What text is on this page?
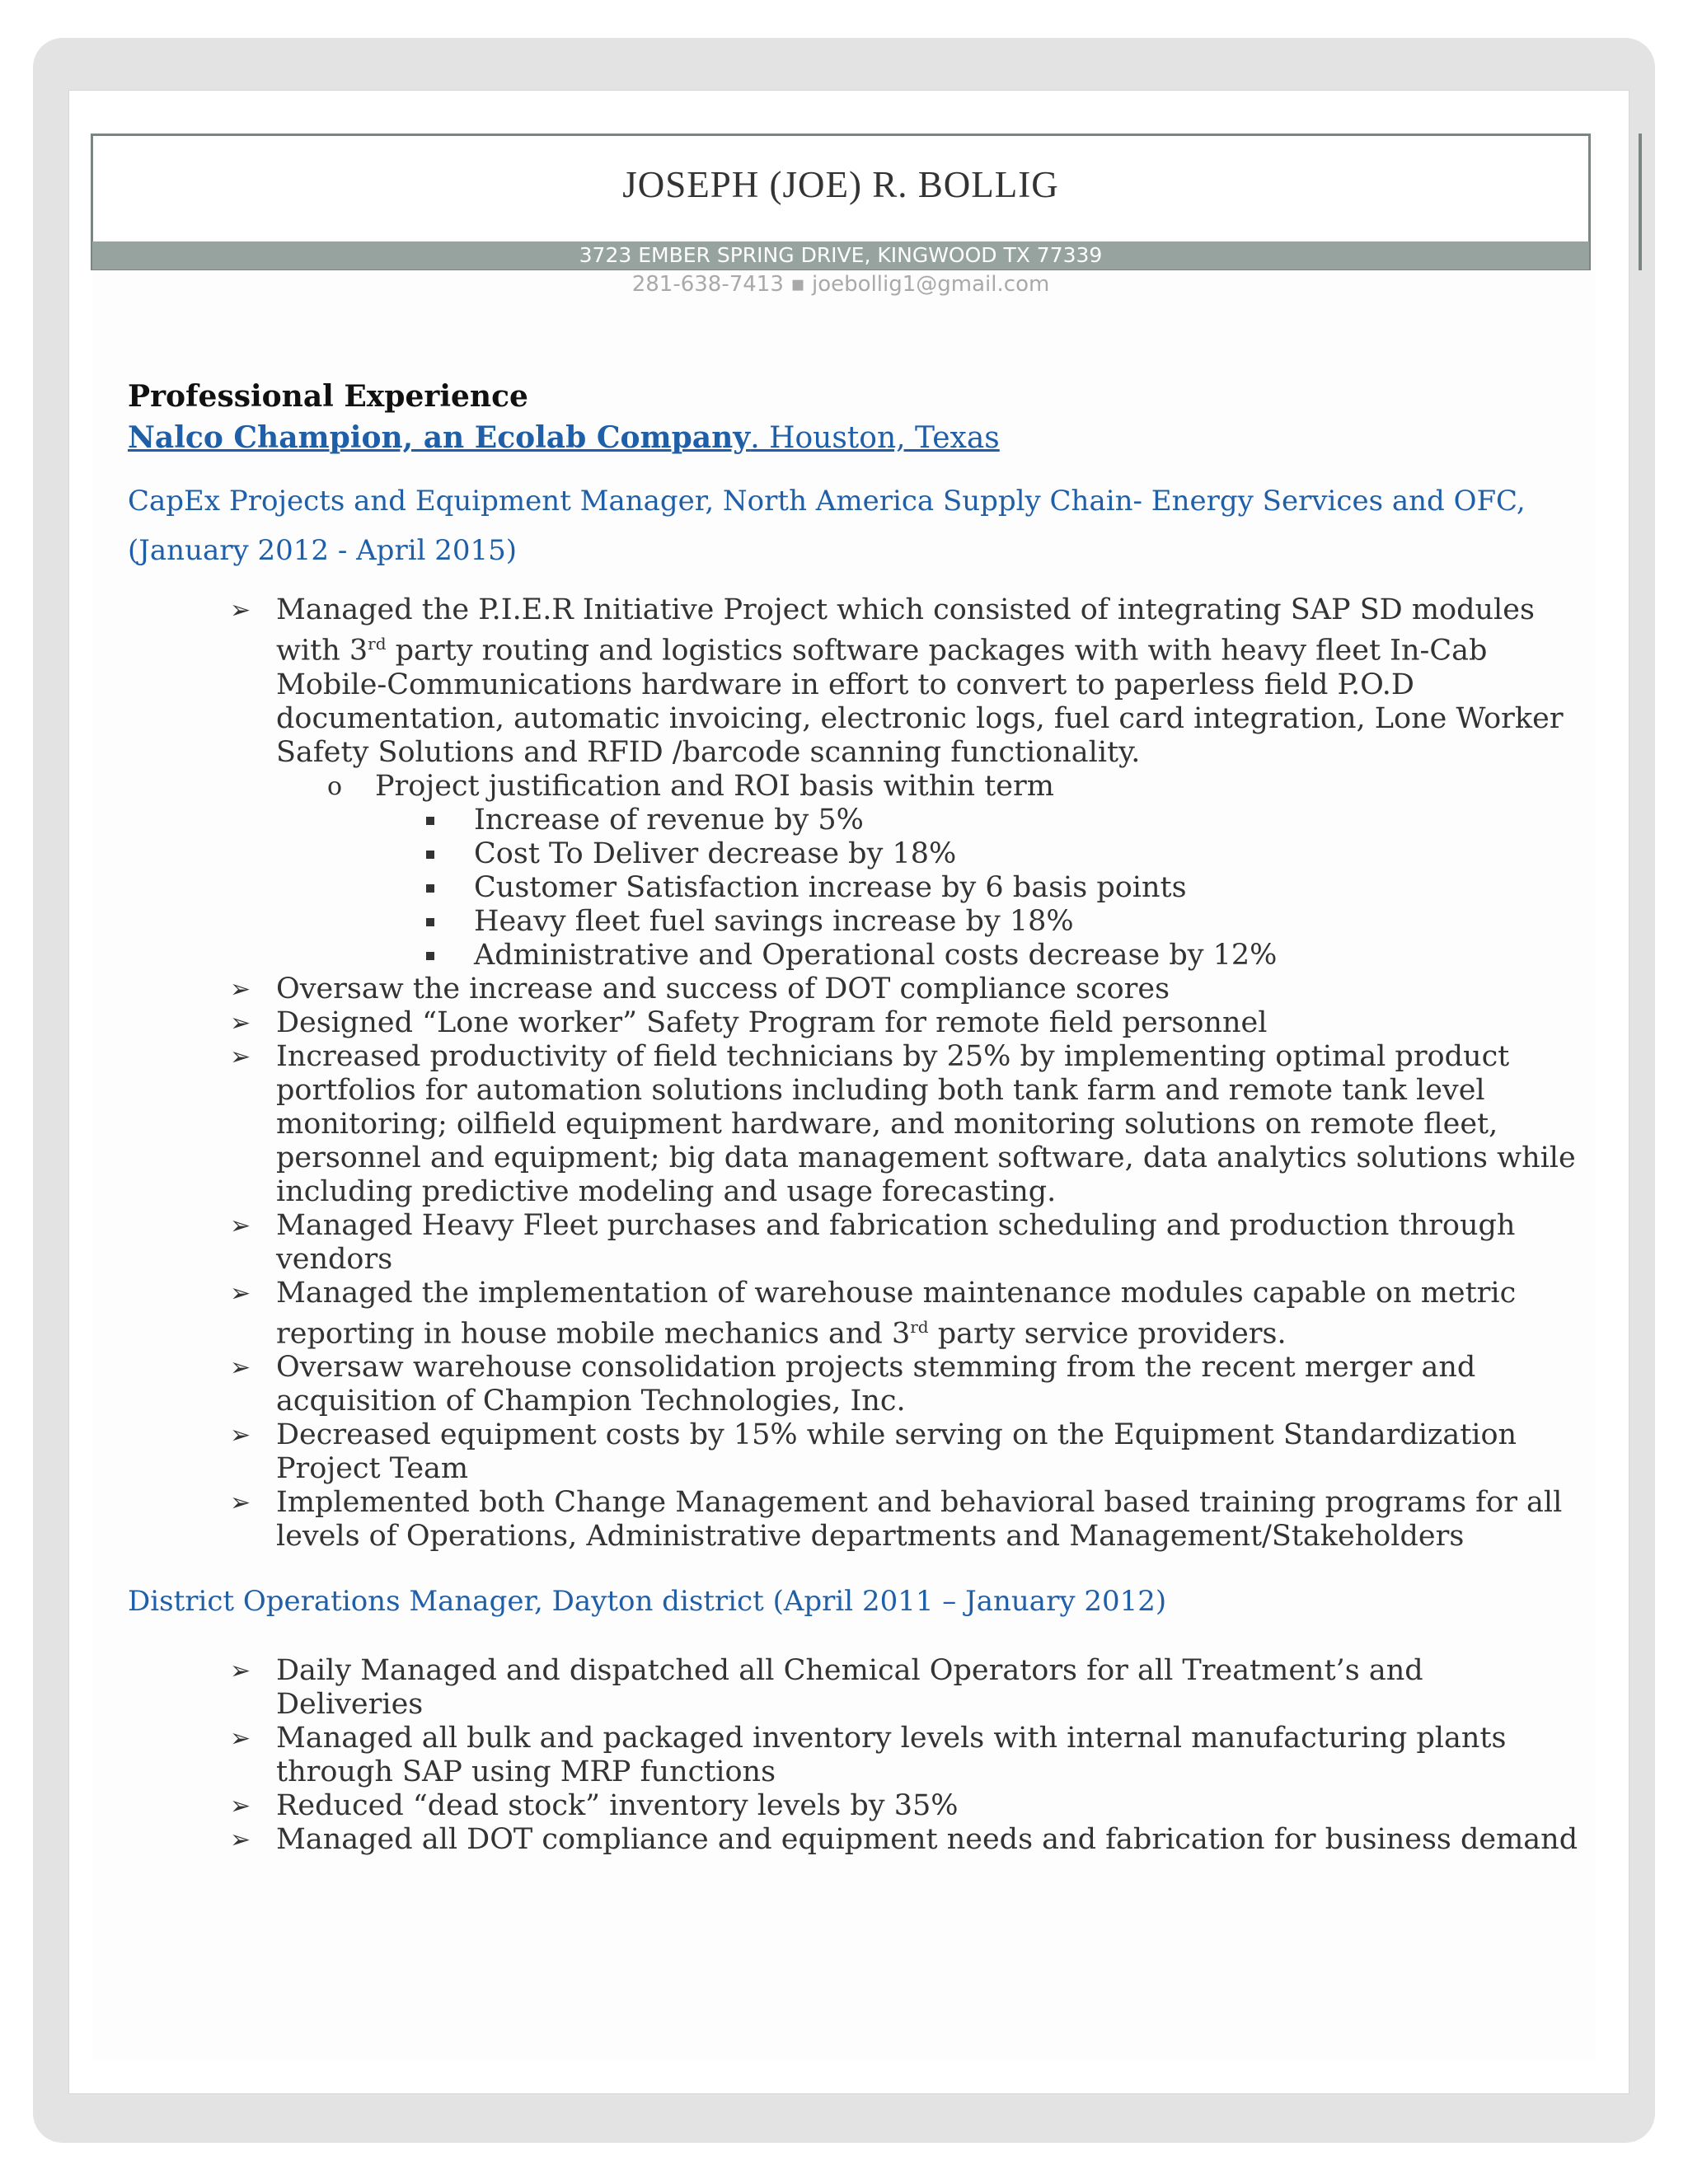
JOSEPH (JOE) R. BOLLIG
3723 EMBER SPRING DRIVE, KINGWOOD TX 77339
281-638-7413 ▪ joebollig1@gmail.com
Professional Experience
Nalco Champion, an Ecolab Company. Houston, Texas
CapEx Projects and Equipment Manager, North America Supply Chain- Energy Services and OFC,
(January 2012 - April 2015)
➢ Managed the P.I.E.R Initiative Project which consisted of integrating SAP SD modules with 3rd party routing and logistics software packages with with heavy fleet In-Cab Mobile-Communications hardware in effort to convert to paperless field P.O.D documentation, automatic invoicing, electronic logs, fuel card integration, Lone Worker Safety Solutions and RFID /barcode scanning functionality.
o Project justification and ROI basis within term
Increase of revenue by 5%
Cost To Deliver decrease by 18%
Customer Satisfaction increase by 6 basis points
Heavy fleet fuel savings increase by 18%
Administrative and Operational costs decrease by 12%
➢ Oversaw the increase and success of DOT compliance scores
➢ Designed “Lone worker” Safety Program for remote field personnel
➢ Increased productivity of field technicians by 25% by implementing optimal product portfolios for automation solutions including both tank farm and remote tank level monitoring; oilfield equipment hardware, and monitoring solutions on remote fleet, personnel and equipment; big data management software, data analytics solutions while including predictive modeling and usage forecasting.
➢ Managed Heavy Fleet purchases and fabrication scheduling and production through vendors
➢ Managed the implementation of warehouse maintenance modules capable on metric reporting in house mobile mechanics and 3rd party service providers.
➢ Oversaw warehouse consolidation projects stemming from the recent merger and acquisition of Champion Technologies, Inc.
➢ Decreased equipment costs by 15% while serving on the Equipment Standardization Project Team
➢ Implemented both Change Management and behavioral based training programs for all levels of Operations, Administrative departments and Management/Stakeholders
District Operations Manager, Dayton district (April 2011 – January 2012)
➢ Daily Managed and dispatched all Chemical Operators for all Treatment’s and Deliveries
➢ Managed all bulk and packaged inventory levels with internal manufacturing plants through SAP using MRP functions
➢ Reduced “dead stock” inventory levels by 35%
➢ Managed all DOT compliance and equipment needs and fabrication for business demand
